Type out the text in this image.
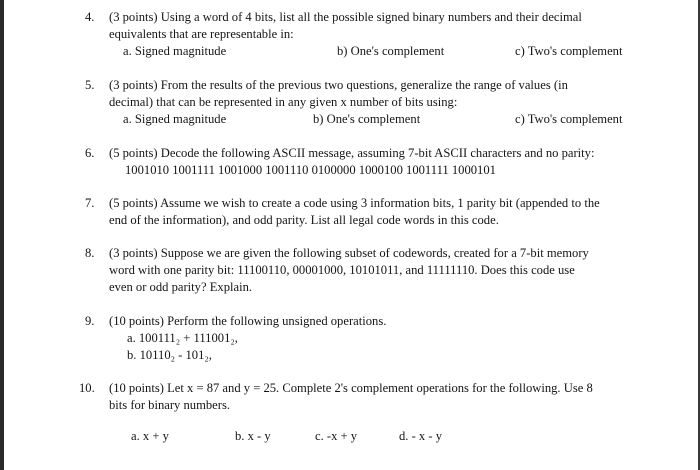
4. (3 points) Using a word of 4 bits, list all the possible signed binary numbers and their decimal
equivalents that are representable in:
a. Signed magnitude	b) One's complement	c) Two's complement
5. (3 points) From the results of the previous two questions, generalize the range of values (in
decimal) that can be represented in any given x number of bits using:
a. Signed magnitude	b) One's complement	c) Two's complement
6. (5 points) Decode the following ASCII message, assuming 7-bit ASCII characters and no parity:
1001010 1001111 1001000 1001110 0100000 1000100 1001111 1000101
7. (5 points) Assume we wish to create a code using 3 information bits, 1 parity bit (appended to the
end of the information), and odd parity. List all legal code words in this code.
8. (3 points) Suppose we are given the following subset of codewords, created for a 7-bit memory
word with one parity bit: 11100110, 00001000, 10101011, and 11111110. Does this code use
even or odd parity? Explain.
9. (10 points) Perform the following unsigned operations.
a. 100111₂ + 111001₂,
b. 10110₂ - 101₂,
10. (10 points) Let x = 87 and y = 25. Complete 2's complement operations for the following. Use 8
bits for binary numbers.
a. x + y	b. x - y	c. -x + y	d. - x - y
